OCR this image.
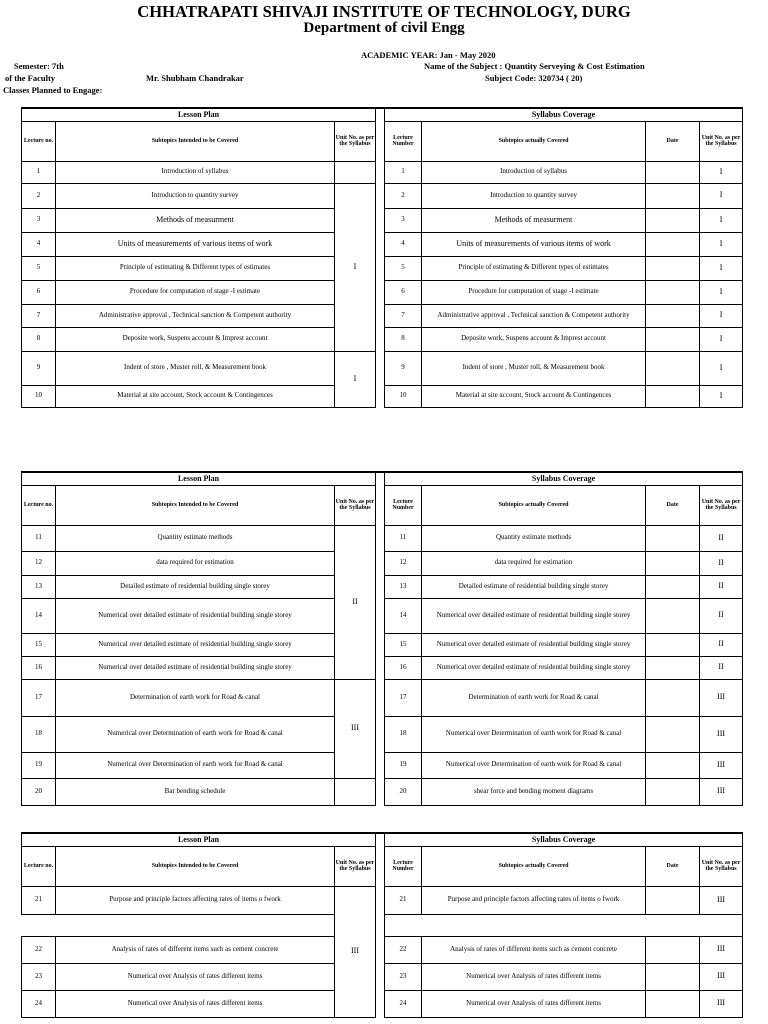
CHHATRAPATI SHIVAJI INSTITUTE OF TECHNOLOGY, DURG
Department of civil Engg
ACADEMIC YEAR: Jan - May 2020
Semester: 7th
of the Faculty	Mr. Shubham Chandrakar
Classes Planned to Engage:
Name of the Subject : Quantity Serveying & Cost Estimation
Subject Code: 320734 ( 20)
Lesson Plan				Syllabus Coverage			
Lecture no.	Subtopics Intended to be Covered	Unit No. as per the Syllabus		Lecture Number	Subtopics actually Covered	Date	Unit No. as per the Syllabus
1	Introduction of syllabus			1	Introduction of syllabus		I
2	Introduction to quantity survey	I		2	Introduction to quantity survey		I
3	Methods of measurment			3	Methods of measurment		I
4	Units of measurements of various items of work			4	Units of measurements of various items of work		I
5	Principle of estimating & Different types of estimates			5	Principle of estimating & Different types of estimates		I
6	Procedure for computation of stage -I estimate			6	Procedure for computation of stage -I estimate		I
7	Administrative approval , Technical sanction & Competent authority			7	Administrative approval , Technical sanction & Competent authority		I
8	Deposite work, Suspens account & Imprest account			8	Deposite work, Suspens account & Imprest account		I
9	Indent of store , Muster roll, & Measurement book	I		9	Indent of store , Muster roll, & Measurement book		I
10	Material at site account, Stock account & Contingences			10	Material at site account, Stock account & Contingences		I
Lesson Plan				Syllabus Coverage			
Lecture no.	Subtopics Intended to be Covered	Unit No. as per the Syllabus		Lecture Number	Subtopics actually Covered	Date	Unit No. as per the Syllabus
11	Quantity estimate methods	II		11	Quantity estimate methods		II
12	data required for estimation			12	data required for estimation		II
13	Detailed estimate of residential building single storey			13	Detailed estimate of residential building single storey		II
14	Numerical over detailed estimate of residential building single storey			14	Numerical over detailed estimate of residential building single storey		II
15	Numerical over detailed estimate of residential building single storey			15	Numerical over detailed estimate of residential building single storey		II
16	Numerical over detailed estimate of residential building single storey			16	Numerical over detailed estimate of residential building single storey		II
17	Determination of earth work for Road & canal	III		17	Determination of earth work for Road & canal		III
18	Numerical over Determination of earth work for Road & canal			18	Numerical over Determination of earth work for Road & canal		III
19	Numerical over Determination of earth work for Road & canal			19	Numerical over Determination of earth work for Road & canal		III
20	Bar bending schedule			20	shear force and bending moment diagrams		III
Lesson Plan				Syllabus Coverage			
Lecture no.	Subtopics Intended to be Covered	Unit No. as per the Syllabus		Lecture Number	Subtopics actually Covered	Date	Unit No. as per the Syllabus
21	Purpose and principle factors affecting rates of items o fwork	III		21	Purpose and principle factors affecting rates of items o fwork		III

22	Analysis of rates of different items such as cement concrete			22	Analysis of rates of different items such as cement concrete		III
23	Numerical over Analysis of rates different items			23	Numerical over Analysis of rates different items		III
24	Numerical over Analysis of rates different items			24	Numerical over Analysis of rates different items		III
